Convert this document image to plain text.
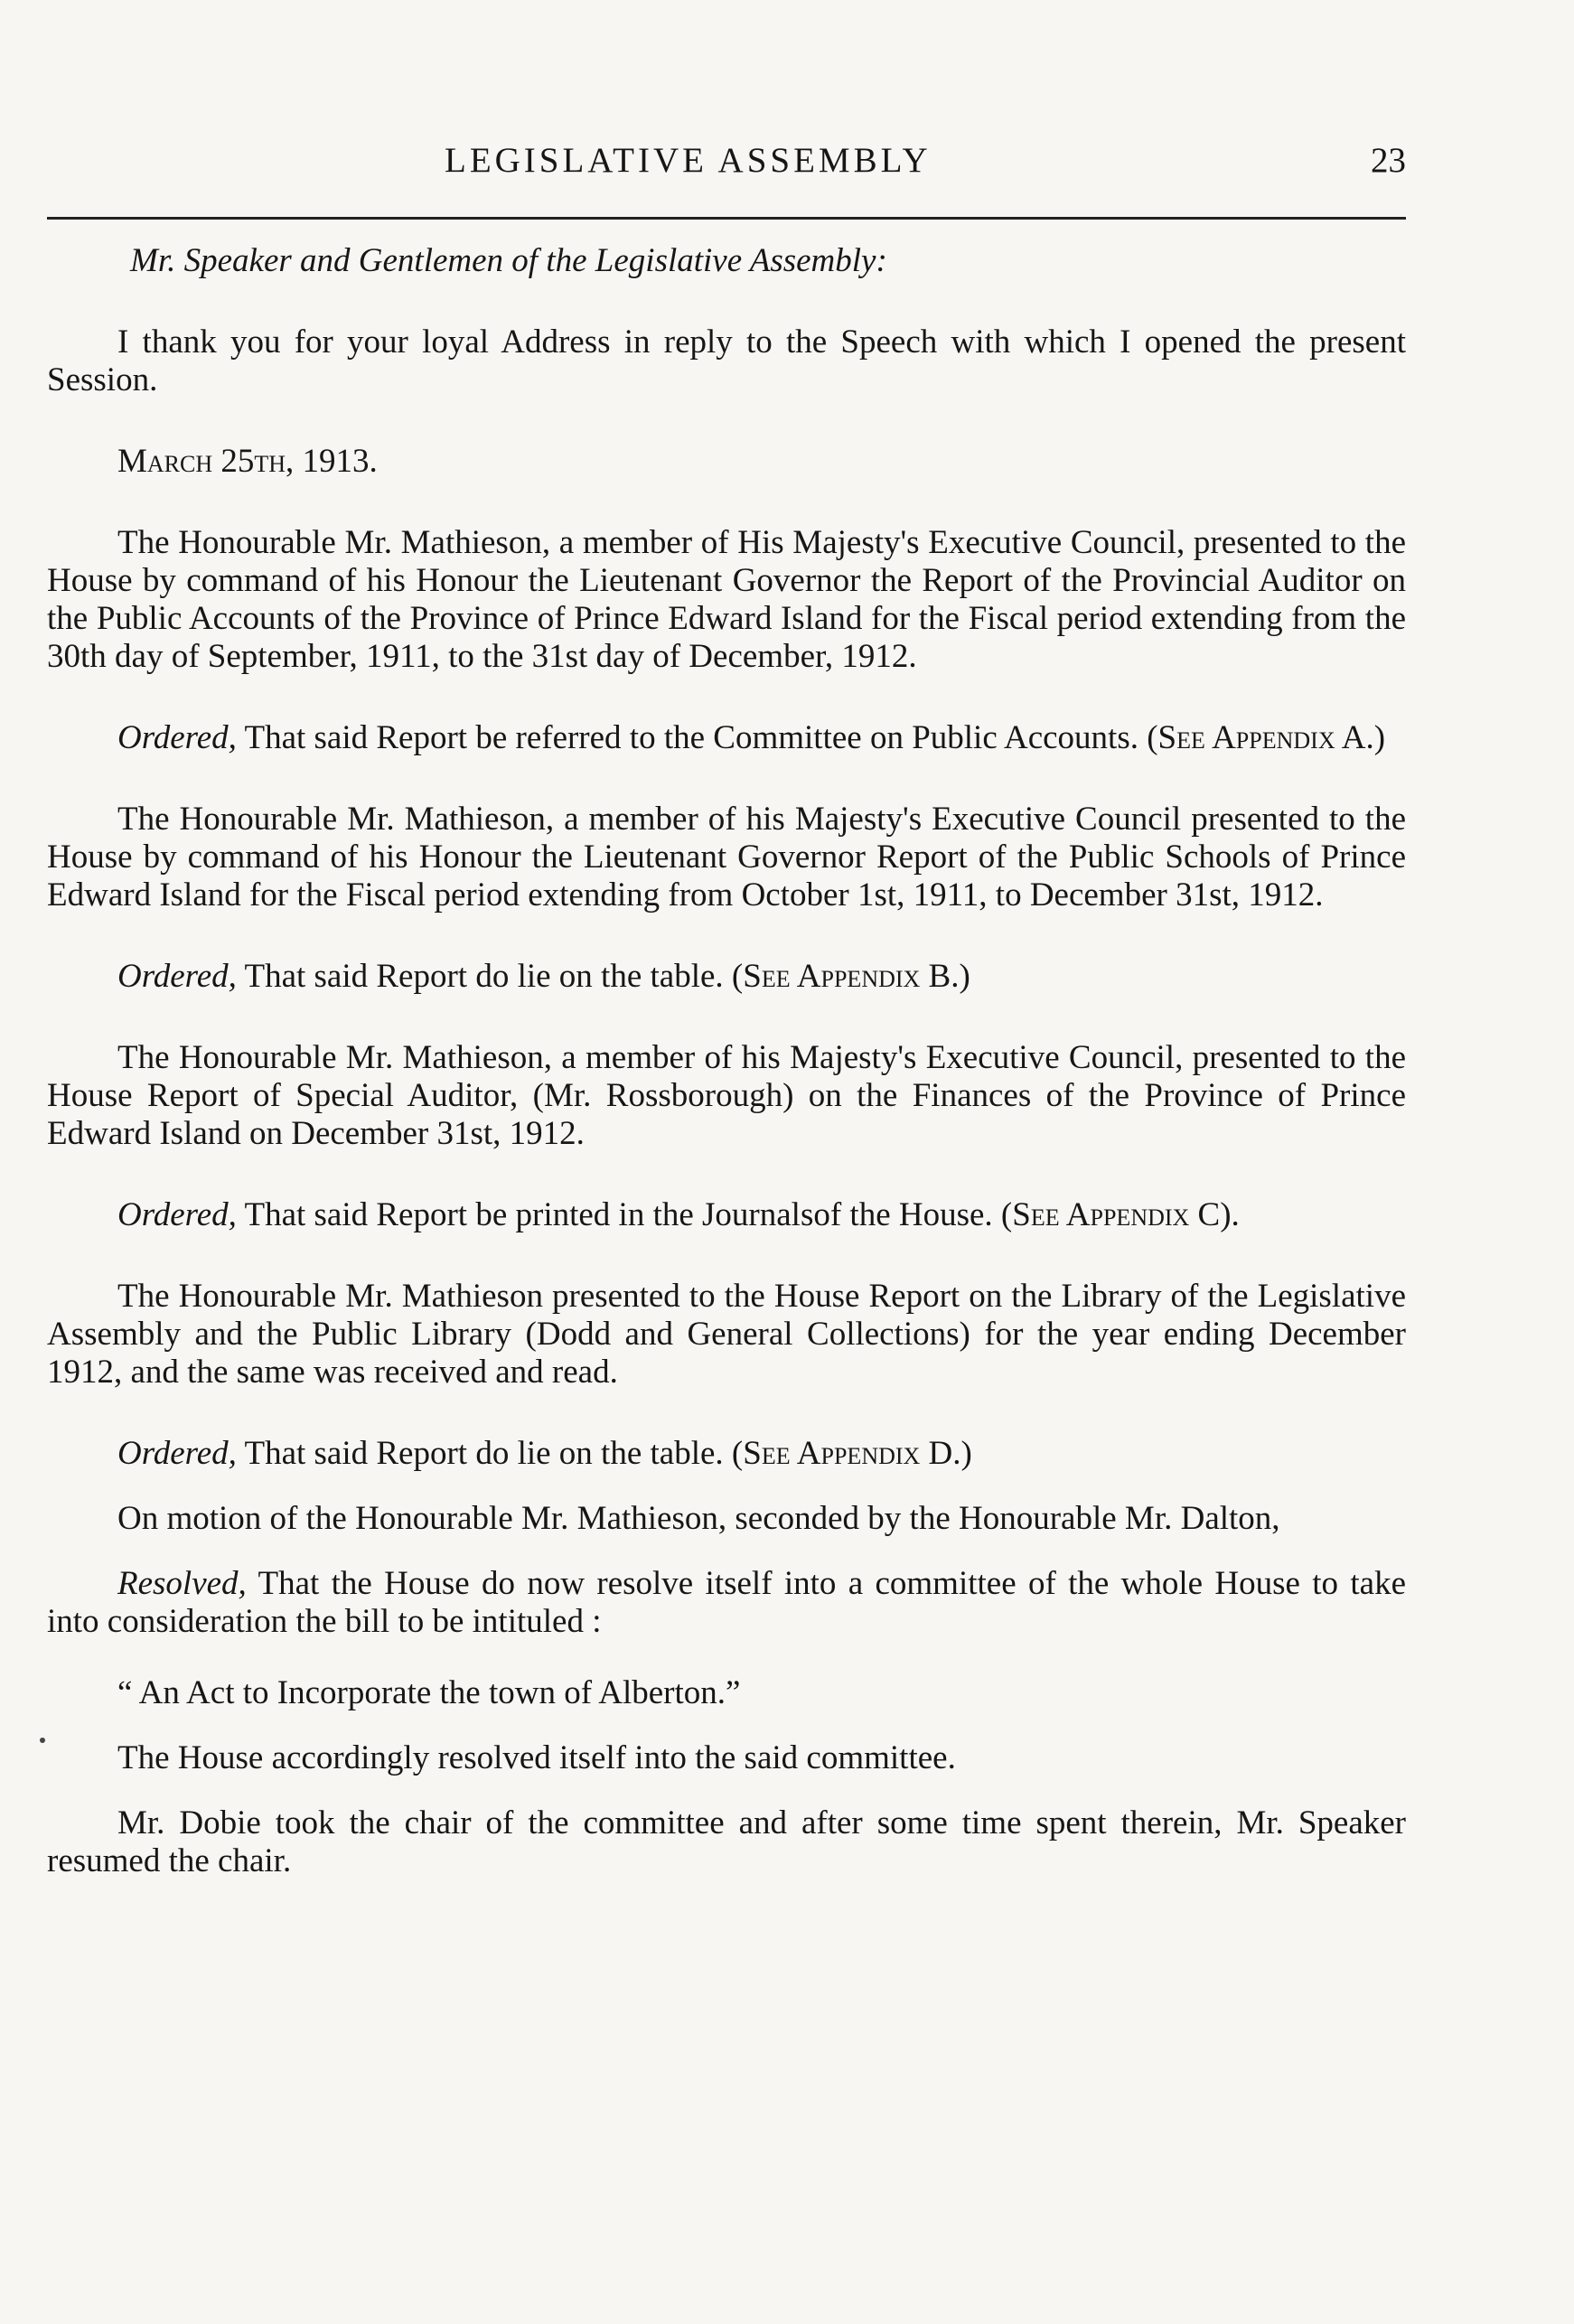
LEGISLATIVE ASSEMBLY	23

Mr. Speaker and Gentlemen of the Legislative Assembly:

I thank you for your loyal Address in reply to the Speech with which I opened the present Session.

March 25th, 1913.

The Honourable Mr. Mathieson, a member of His Majesty's Executive Council, presented to the House by command of his Honour the Lieutenant Governor the Report of the Provincial Auditor on the Public Accounts of the Province of Prince Edward Island for the Fiscal period extending from the 30th day of September, 1911, to the 31st day of December, 1912.

Ordered, That said Report be referred to the Committee on Public Accounts. (See Appendix A.)

The Honourable Mr. Mathieson, a member of his Majesty's Executive Council presented to the House by command of his Honour the Lieutenant Governor Report of the Public Schools of Prince Edward Island for the Fiscal period extending from October 1st, 1911, to December 31st, 1912.

Ordered, That said Report do lie on the table. (See Appendix B.)

The Honourable Mr. Mathieson, a member of his Majesty's Executive Council, presented to the House Report of Special Auditor, (Mr. Rossborough) on the Finances of the Province of Prince Edward Island on December 31st, 1912.

Ordered, That said Report be printed in the Journalsof the House. (See Appendix C).

The Honourable Mr. Mathieson presented to the House Report on the Library of the Legislative Assembly and the Public Library (Dodd and General Collections) for the year ending December 1912, and the same was received and read.

Ordered, That said Report do lie on the table. (See Appendix D.)

On motion of the Honourable Mr. Mathieson, seconded by the Honourable Mr. Dalton,

Resolved, That the House do now resolve itself into a committee of the whole House to take into consideration the bill to be intituled :

“ An Act to Incorporate the town of Alberton.”

The House accordingly resolved itself into the said committee.

Mr. Dobie took the chair of the committee and after some time spent therein, Mr. Speaker resumed the chair.
